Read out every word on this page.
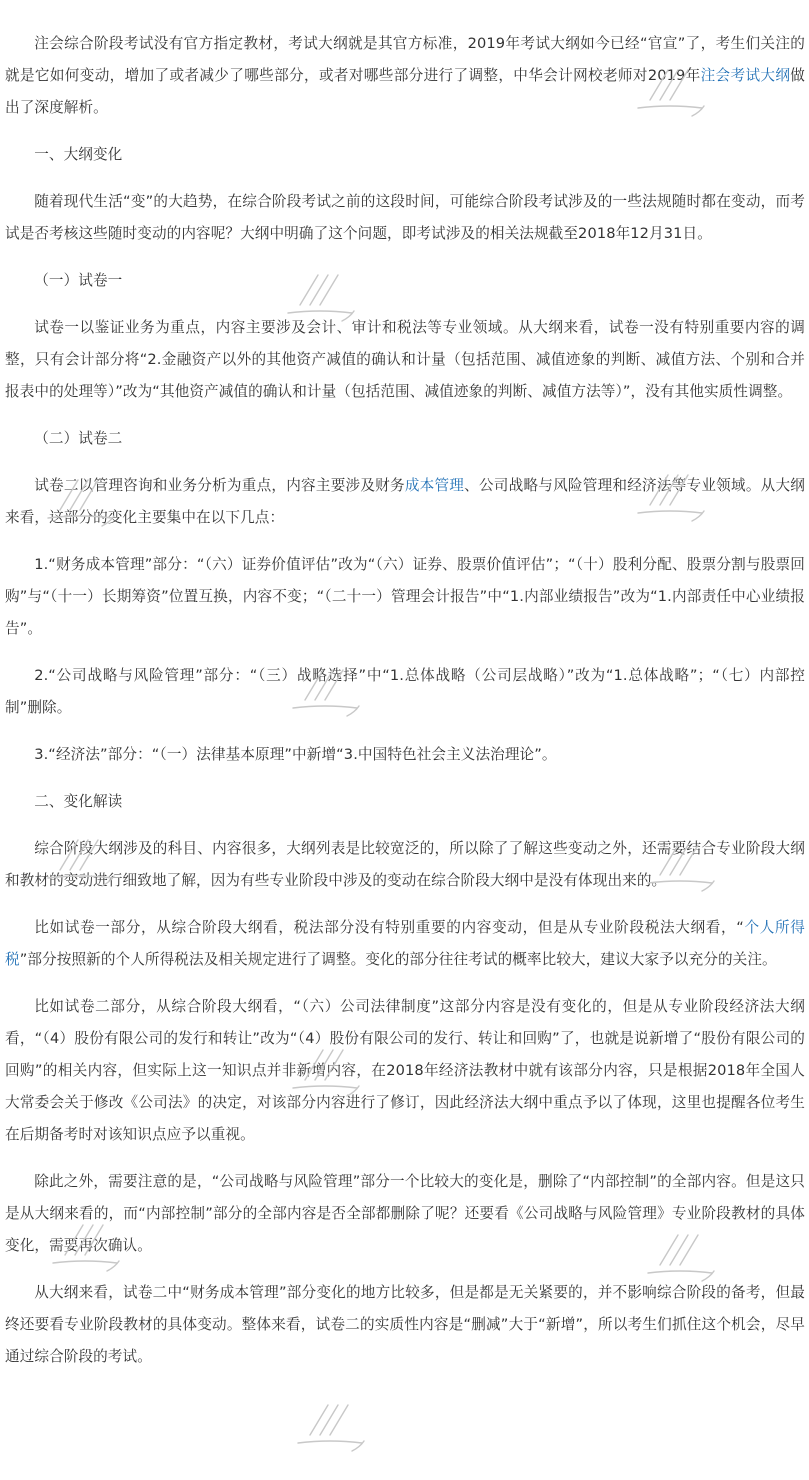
注会综合阶段考试没有官方指定教材，考试大纲就是其官方标准，2019年考试大纲如今已经“官宣”了，考生们关注的就是它如何变动，增加了或者减少了哪些部分，或者对哪些部分进行了调整，中华会计网校老师对2019年注会考试大纲做出了深度解析。

一、大纲变化

随着现代生活“变”的大趋势，在综合阶段考试之前的这段时间，可能综合阶段考试涉及的一些法规随时都在变动，而考试是否考核这些随时变动的内容呢？大纲中明确了这个问题，即考试涉及的相关法规截至2018年12月31日。

（一）试卷一

试卷一以鉴证业务为重点，内容主要涉及会计、审计和税法等专业领域。从大纲来看，试卷一没有特别重要内容的调整，只有会计部分将“2.金融资产以外的其他资产减值的确认和计量（包括范围、减值迹象的判断、减值方法、个别和合并报表中的处理等）”改为“其他资产减值的确认和计量（包括范围、减值迹象的判断、减值方法等）”，没有其他实质性调整。

（二）试卷二

试卷二以管理咨询和业务分析为重点，内容主要涉及财务成本管理、公司战略与风险管理和经济法等专业领域。从大纲来看，这部分的变化主要集中在以下几点：

1.“财务成本管理”部分：“（六）证券价值评估”改为“（六）证券、股票价值评估”；“（十）股利分配、股票分割与股票回购”与“（十一）长期筹资”位置互换，内容不变；“（二十一）管理会计报告”中“1.内部业绩报告”改为“1.内部责任中心业绩报告”。

2.“公司战略与风险管理”部分：“（三）战略选择”中“1.总体战略（公司层战略）”改为“1.总体战略”；“（七）内部控制”删除。

3.“经济法”部分：“（一）法律基本原理”中新增“3.中国特色社会主义法治理论”。

二、变化解读

综合阶段大纲涉及的科目、内容很多，大纲列表是比较宽泛的，所以除了了解这些变动之外，还需要结合专业阶段大纲和教材的变动进行细致地了解，因为有些专业阶段中涉及的变动在综合阶段大纲中是没有体现出来的。

比如试卷一部分，从综合阶段大纲看，税法部分没有特别重要的内容变动，但是从专业阶段税法大纲看，“个人所得税”部分按照新的个人所得税法及相关规定进行了调整。变化的部分往往考试的概率比较大，建议大家予以充分的关注。

比如试卷二部分，从综合阶段大纲看，“（六）公司法律制度”这部分内容是没有变化的，但是从专业阶段经济法大纲看，“（4）股份有限公司的发行和转让”改为“（4）股份有限公司的发行、转让和回购”了，也就是说新增了“股份有限公司的回购”的相关内容，但实际上这一知识点并非新增内容，在2018年经济法教材中就有该部分内容，只是根据2018年全国人大常委会关于修改《公司法》的决定，对该部分内容进行了修订，因此经济法大纲中重点予以了体现，这里也提醒各位考生在后期备考时对该知识点应予以重视。

除此之外，需要注意的是，“公司战略与风险管理”部分一个比较大的变化是，删除了“内部控制”的全部内容。但是这只是从大纲来看的，而“内部控制”部分的全部内容是否全部都删除了呢？还要看《公司战略与风险管理》专业阶段教材的具体变化，需要再次确认。

从大纲来看，试卷二中“财务成本管理”部分变化的地方比较多，但是都是无关紧要的，并不影响综合阶段的备考，但最终还要看专业阶段教材的具体变动。整体来看，试卷二的实质性内容是“删减”大于“新增”，所以考生们抓住这个机会，尽早通过综合阶段的考试。
